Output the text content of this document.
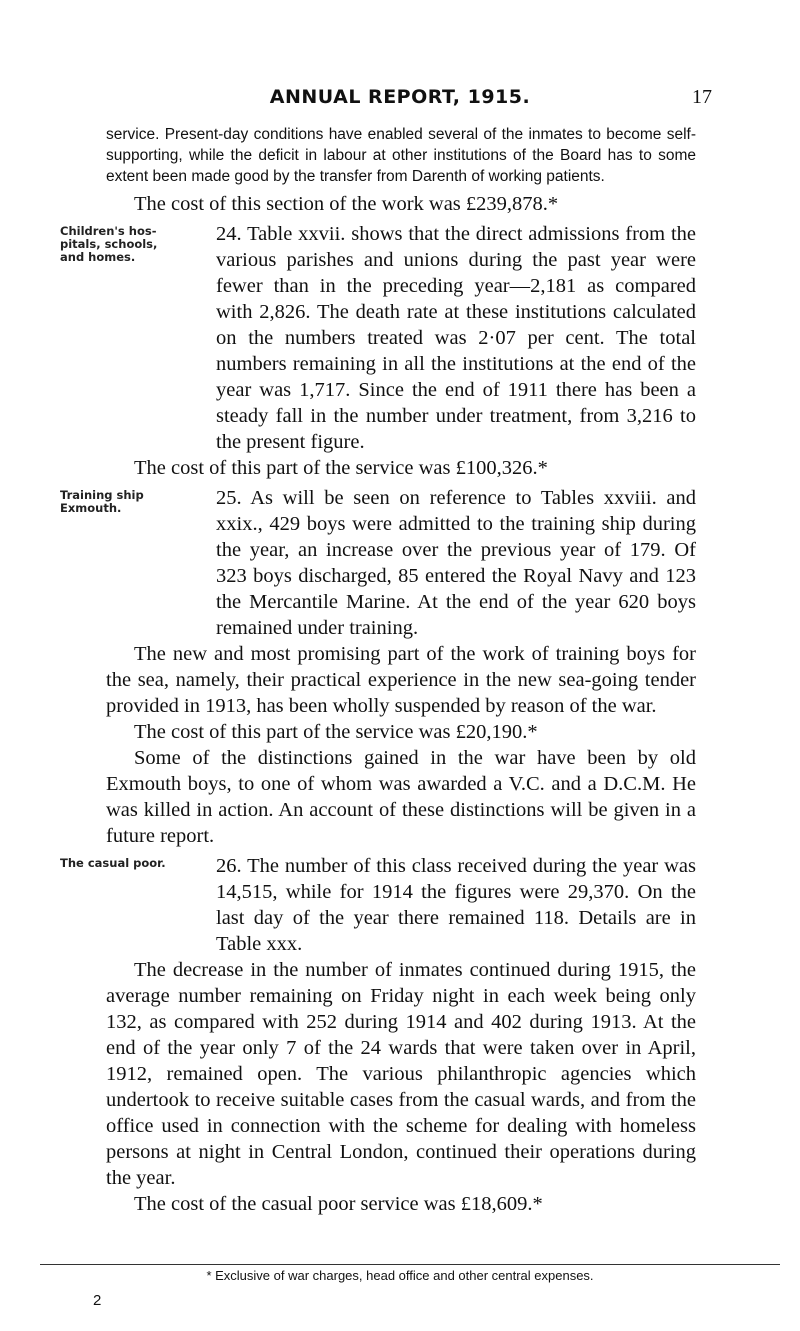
ANNUAL REPORT, 1915.	17

service. Present-day conditions have enabled several of the inmates to become self-supporting, while the deficit in labour at other institutions of the Board has to some extent been made good by the transfer from Darenth of working patients.

The cost of this section of the work was £239,878.*

Children's hos- pitals, schools, and homes.

24. Table xxvii. shows that the direct admissions from the various parishes and unions during the past year were fewer than in the preceding year—2,181 as compared with 2,826. The death rate at these institutions calculated on the numbers treated was 2·07 per cent. The total numbers remaining in all the institutions at the end of the year was 1,717. Since the end of 1911 there has been a steady fall in the number under treatment, from 3,216 to the present figure.

The cost of this part of the service was £100,326.*

Training ship Exmouth.	25. As will be seen on reference to Tables xxviii. and xxix., 429 boys were admitted to the training ship during the year, an increase over the previous year of 179. Of 323 boys discharged, 85 entered the Royal Navy and 123 the Mercantile Marine. At the end of the year 620 boys remained under training.

The new and most promising part of the work of training boys for the sea, namely, their practical experience in the new sea-going tender provided in 1913, has been wholly suspended by reason of the war.

The cost of this part of the service was £20,190.*

Some of the distinctions gained in the war have been by old Exmouth boys, to one of whom was awarded a V.C. and a D.C.M. He was killed in action. An account of these distinctions will be given in a future report.

The casual poor.	26. The number of this class received during the year was 14,515, while for 1914 the figures were 29,370. On the last day of the year there remained 118. Details are in Table xxx.

The decrease in the number of inmates continued during 1915, the average number remaining on Friday night in each week being only 132, as compared with 252 during 1914 and 402 during 1913. At the end of the year only 7 of the 24 wards that were taken over in April, 1912, remained open. The various philanthropic agencies which undertook to receive suitable cases from the casual wards, and from the office used in connection with the scheme for dealing with homeless persons at night in Central London, continued their operations during the year.

The cost of the casual poor service was £18,609.*

* Exclusive of war charges, head office and other central expenses.
2
